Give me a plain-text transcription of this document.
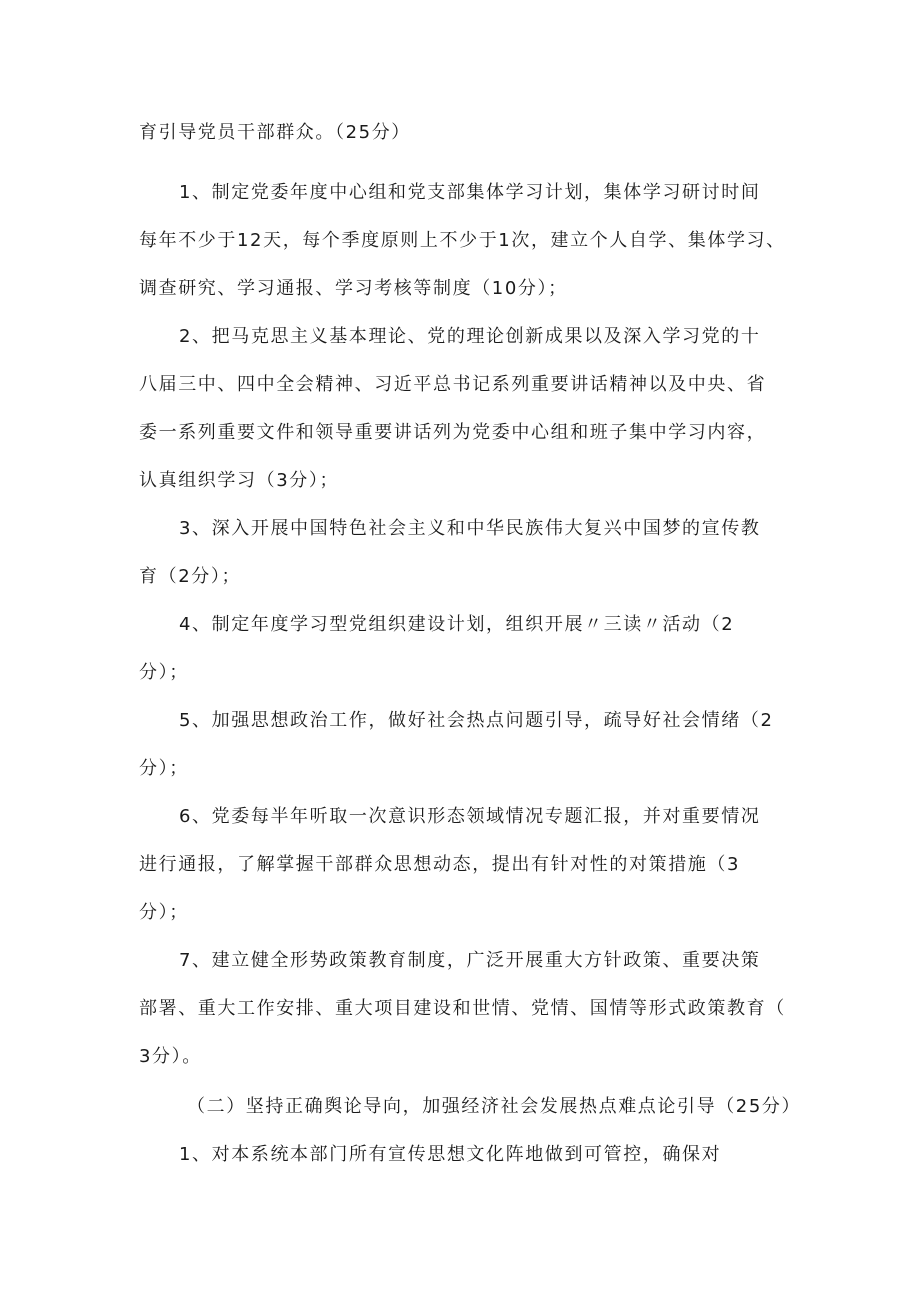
育引导党员干部群众。（25分）
1、制定党委年度中心组和党支部集体学习计划，集体学习研讨时间
每年不少于12天，每个季度原则上不少于1次，建立个人自学、集体学习、
调查研究、学习通报、学习考核等制度（10分）；
2、把马克思主义基本理论、党的理论创新成果以及深入学习党的十
八届三中、四中全会精神、习近平总书记系列重要讲话精神以及中央、省
委一系列重要文件和领导重要讲话列为党委中心组和班子集中学习内容，
认真组织学习（3分）；
3、深入开展中国特色社会主义和中华民族伟大复兴中国梦的宣传教
育（2分）；
4、制定年度学习型党组织建设计划，组织开展〃三读〃活动（2
分）；
5、加强思想政治工作，做好社会热点问题引导，疏导好社会情绪（2
分）；
6、党委每半年听取一次意识形态领域情况专题汇报，并对重要情况
进行通报，了解掌握干部群众思想动态，提出有针对性的对策措施（3
分）；
7、建立健全形势政策教育制度，广泛开展重大方针政策、重要决策
部署、重大工作安排、重大项目建设和世情、党情、国情等形式政策教育（
3分）。
（二）坚持正确舆论导向，加强经济社会发展热点难点论引导（25分）
1、对本系统本部门所有宣传思想文化阵地做到可管控，确保对
